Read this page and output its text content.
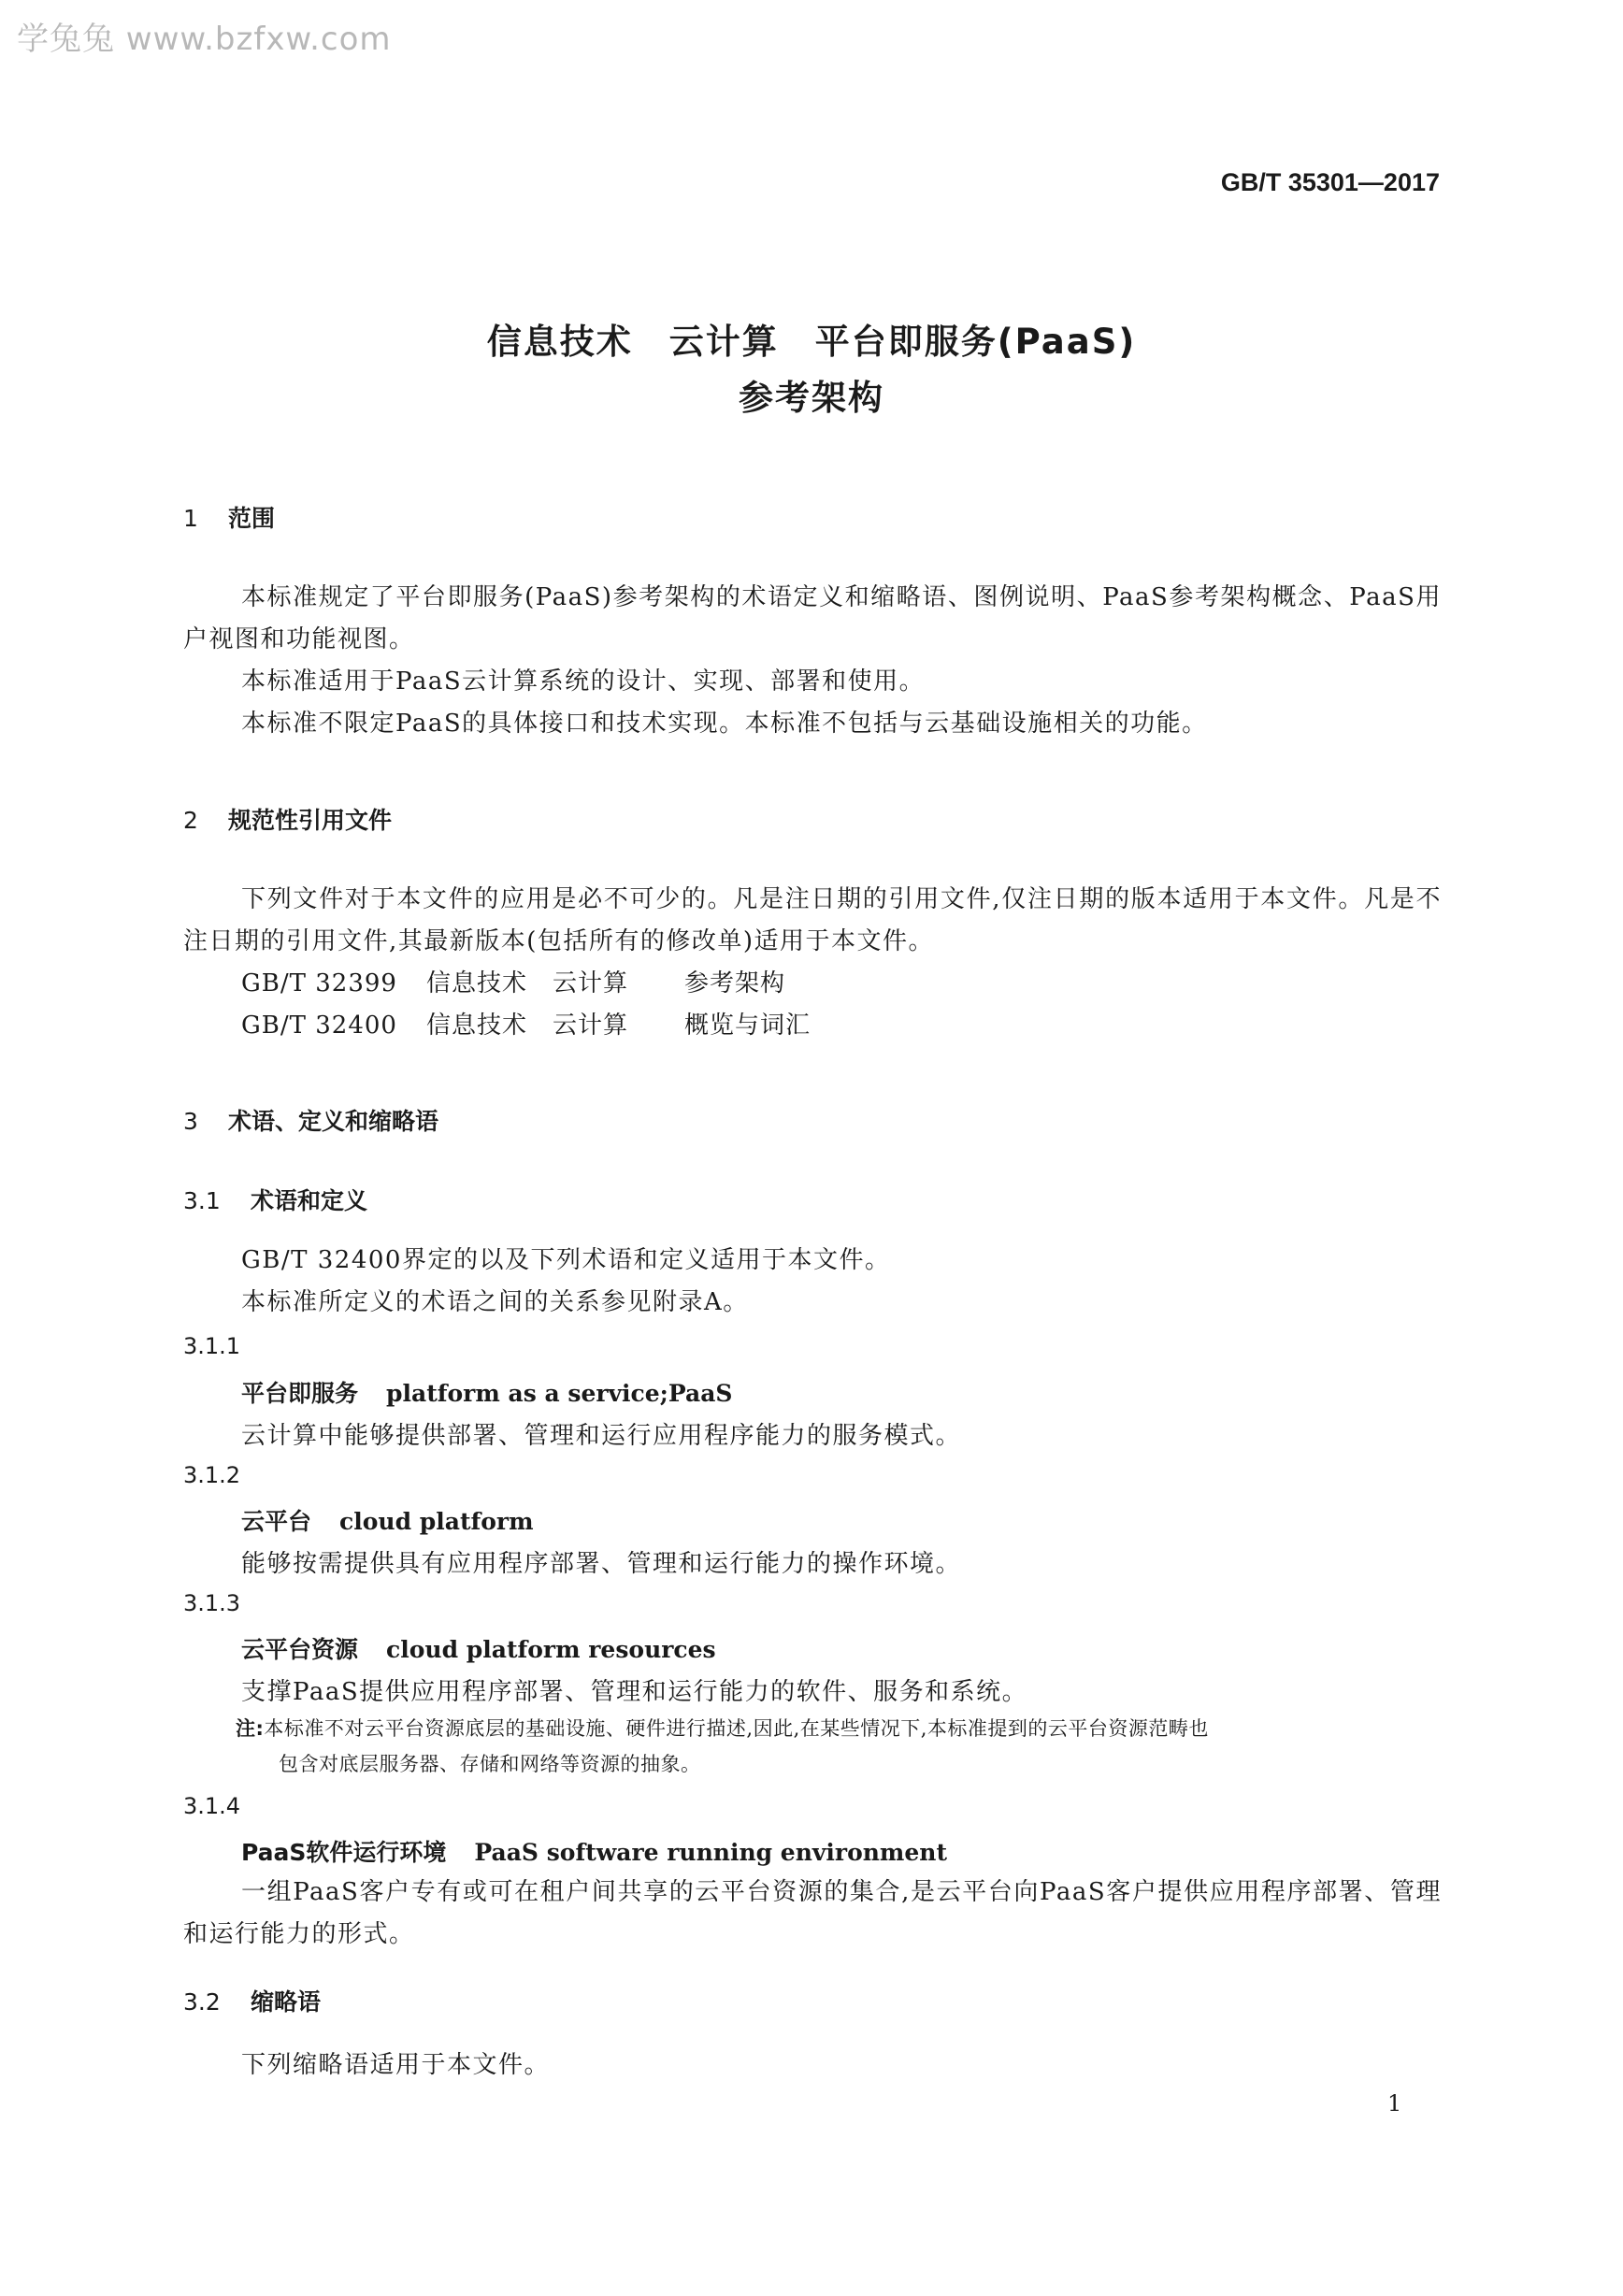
学兔兔 www.bzfxw.com
GB/T 35301—2017
信息技术　云计算　平台即服务(PaaS)
参考架构
1 范围

本标准规定了平台即服务(PaaS)参考架构的术语定义和缩略语、图例说明、PaaS参考架构概念、PaaS用户视图和功能视图。

本标准适用于PaaS云计算系统的设计、实现、部署和使用。

本标准不限定PaaS的具体接口和技术实现。本标准不包括与云基础设施相关的功能。

2 规范性引用文件

下列文件对于本文件的应用是必不可少的。凡是注日期的引用文件,仅注日期的版本适用于本文件。凡是不注日期的引用文件,其最新版本(包括所有的修改单)适用于本文件。

GB/T 32399 信息技术　云计算 参考架构
GB/T 32400 信息技术　云计算 概览与词汇
3 术语、定义和缩略语
3.1 术语和定义

GB/T 32400界定的以及下列术语和定义适用于本文件。

本标准所定义的术语之间的关系参见附录A。

3.1.1
平台即服务 platform as a service;PaaS
云计算中能够提供部署、管理和运行应用程序能力的服务模式。
3.1.2
云平台 cloud platform
能够按需提供具有应用程序部署、管理和运行能力的操作环境。
3.1.3
云平台资源 cloud platform resources
支撑PaaS提供应用程序部署、管理和运行能力的软件、服务和系统。
注:本标准不对云平台资源底层的基础设施、硬件进行描述,因此,在某些情况下,本标准提到的云平台资源范畴也
包含对底层服务器、存储和网络等资源的抽象。
3.1.4
PaaS软件运行环境 PaaS software running environment

一组PaaS客户专有或可在租户间共享的云平台资源的集合,是云平台向PaaS客户提供应用程序部署、管理和运行能力的形式。

3.2 缩略语

下列缩略语适用于本文件。

1
